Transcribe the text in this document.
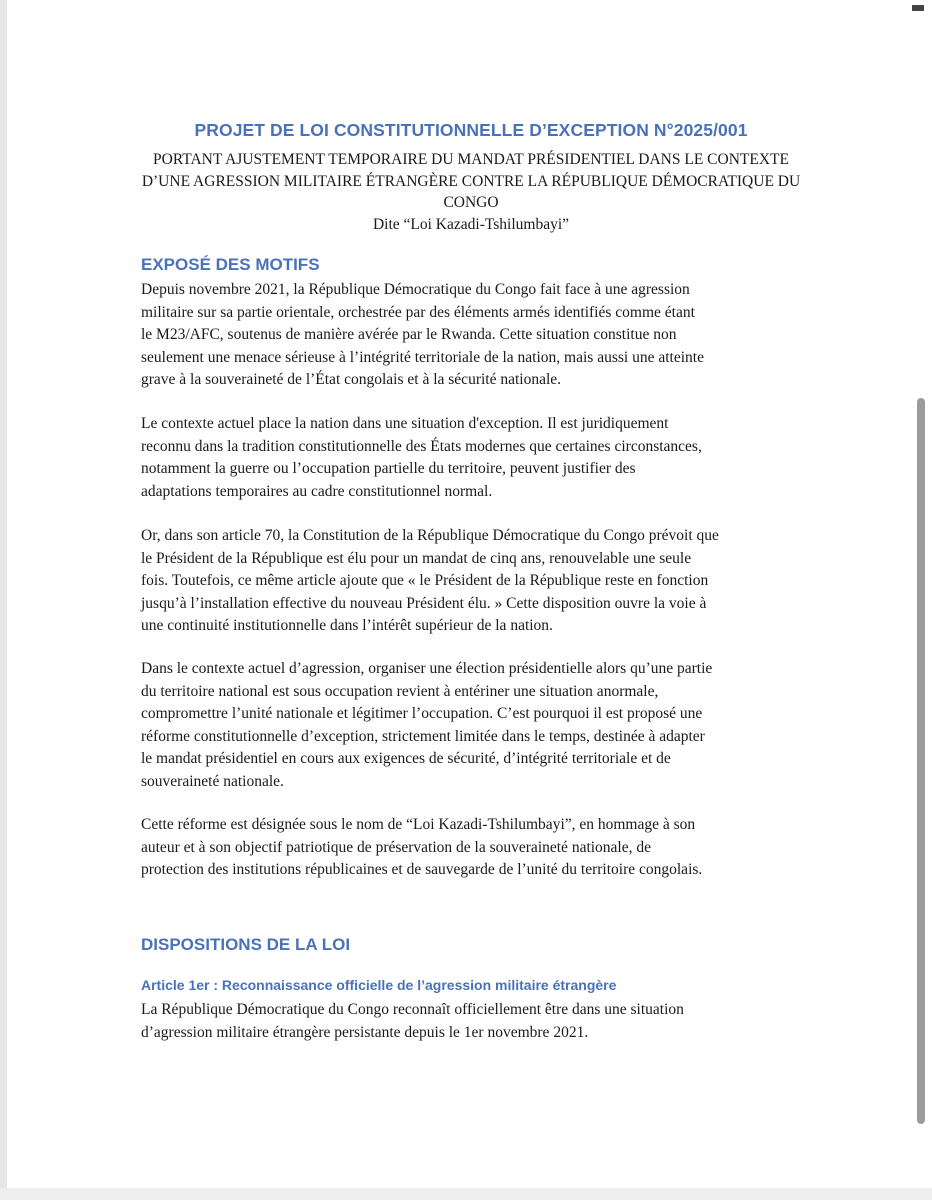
PROJET DE LOI CONSTITUTIONNELLE D’EXCEPTION N°2025/001
PORTANT AJUSTEMENT TEMPORAIRE DU MANDAT PRÉSIDENTIEL DANS LE CONTEXTE
D’UNE AGRESSION MILITAIRE ÉTRANGÈRE CONTRE LA RÉPUBLIQUE DÉMOCRATIQUE DU
CONGO
Dite “Loi Kazadi-Tshilumbayi”
EXPOSÉ DES MOTIFS
Depuis novembre 2021, la République Démocratique du Congo fait face à une agression
militaire sur sa partie orientale, orchestrée par des éléments armés identifiés comme étant
le M23/AFC, soutenus de manière avérée par le Rwanda. Cette situation constitue non
seulement une menace sérieuse à l’intégrité territoriale de la nation, mais aussi une atteinte
grave à la souveraineté de l’État congolais et à la sécurité nationale.
Le contexte actuel place la nation dans une situation d'exception. Il est juridiquement
reconnu dans la tradition constitutionnelle des États modernes que certaines circonstances,
notamment la guerre ou l’occupation partielle du territoire, peuvent justifier des
adaptations temporaires au cadre constitutionnel normal.
Or, dans son article 70, la Constitution de la République Démocratique du Congo prévoit que
le Président de la République est élu pour un mandat de cinq ans, renouvelable une seule
fois. Toutefois, ce même article ajoute que « le Président de la République reste en fonction
jusqu’à l’installation effective du nouveau Président élu. » Cette disposition ouvre la voie à
une continuité institutionnelle dans l’intérêt supérieur de la nation.
Dans le contexte actuel d’agression, organiser une élection présidentielle alors qu’une partie
du territoire national est sous occupation revient à entériner une situation anormale,
compromettre l’unité nationale et légitimer l’occupation. C’est pourquoi il est proposé une
réforme constitutionnelle d’exception, strictement limitée dans le temps, destinée à adapter
le mandat présidentiel en cours aux exigences de sécurité, d’intégrité territoriale et de
souveraineté nationale.
Cette réforme est désignée sous le nom de “Loi Kazadi-Tshilumbayi”, en hommage à son
auteur et à son objectif patriotique de préservation de la souveraineté nationale, de
protection des institutions républicaines et de sauvegarde de l’unité du territoire congolais.
DISPOSITIONS DE LA LOI
Article 1er : Reconnaissance officielle de l’agression militaire étrangère
La République Démocratique du Congo reconnaît officiellement être dans une situation
d’agression militaire étrangère persistante depuis le 1er novembre 2021.
